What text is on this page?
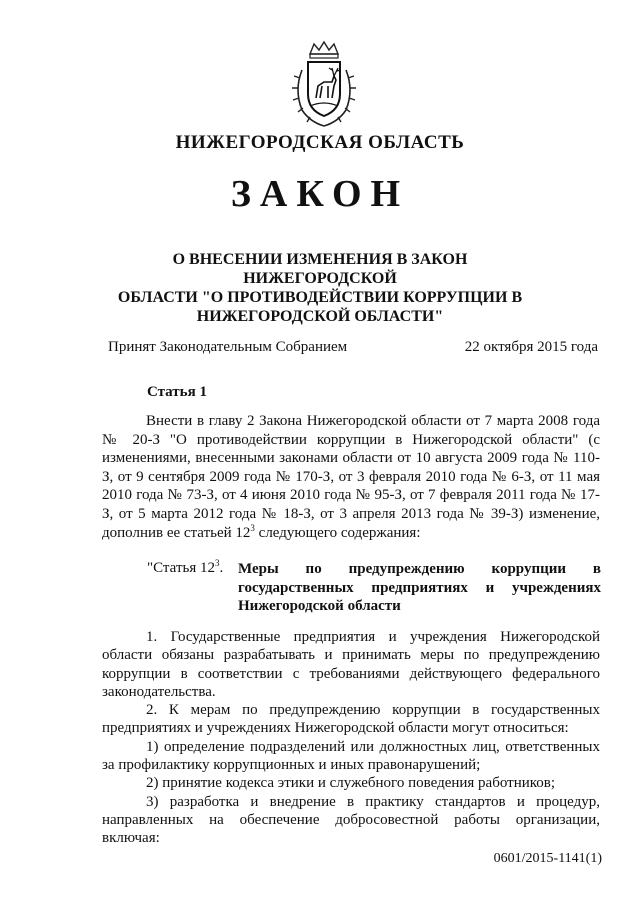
НИЖЕГОРОДСКАЯ ОБЛАСТЬ
ЗАКОН
О ВНЕСЕНИИ ИЗМЕНЕНИЯ В ЗАКОН НИЖЕГОРОДСКОЙ
ОБЛАСТИ "О ПРОТИВОДЕЙСТВИИ КОРРУПЦИИ В
НИЖЕГОРОДСКОЙ ОБЛАСТИ"
Принят Законодательным Собранием	22 октября 2015 года
Статья 1
Внести в главу 2 Закона Нижегородской области от 7 марта 2008 года № 20-З "О противодействии коррупции в Нижегородской области" (с изменениями, внесенными законами области от 10 августа 2009 года № 110-З, от 9 сентября 2009 года № 170-З, от 3 февраля 2010 года № 6-З, от 11 мая 2010 года № 73-З, от 4 июня 2010 года № 95-З, от 7 февраля 2011 года № 17-З, от 5 марта 2012 года № 18-З, от 3 апреля 2013 года № 39-З) изменение, дополнив ее статьей $12^3$ следующего содержания:
"Статья $12^3$. Меры по предупреждению коррупции в государственных предприятиях и учреждениях Нижегородской области

1. Государственные предприятия и учреждения Нижегородской области обязаны разрабатывать и принимать меры по предупреждению коррупции в соответствии с требованиями действующего федерального законодательства.

2. К мерам по предупреждению коррупции в государственных предприятиях и учреждениях Нижегородской области могут относиться:

1) определение подразделений или должностных лиц, ответственных за профилактику коррупционных и иных правонарушений;

2) принятие кодекса этики и служебного поведения работников;

3) разработка и внедрение в практику стандартов и процедур, направленных на обеспечение добросовестной работы организации, включая:

0601/2015-1141(1)
